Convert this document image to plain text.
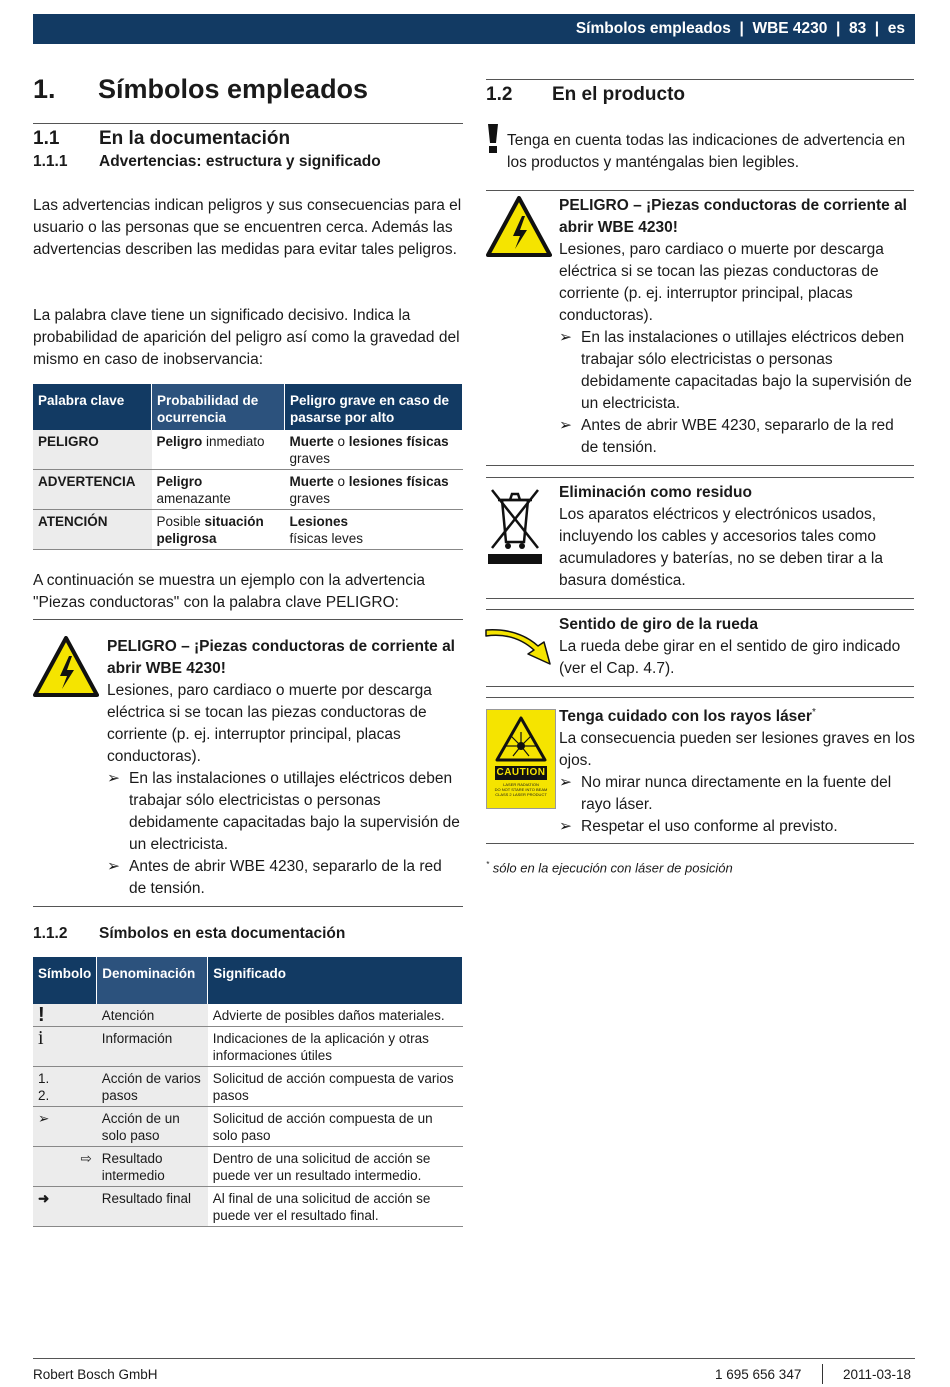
Símbolos empleados  |  WBE 4230  |  83  |  es
1. Símbolos empleados
1.1 En la documentación
1.1.1 Advertencias: estructura y significado
Las advertencias indican peligros y sus consecuencias para el usuario o las personas que se encuentren cerca. Además las advertencias describen las medidas para evitar tales peligros.
La palabra clave tiene un significado decisivo. Indica la probabilidad de aparición del peligro así como la gravedad del mismo en caso de inobservancia:
Palabra clave	Probabilidad de ocurrencia	Peligro grave en caso de pasarse por alto
PELIGRO	Peligro inmediato	Muerte o lesiones físicas
graves
ADVERTENCIA	Peligro
amenazante	Muerte o lesiones físicas
graves
ATENCIÓN	Posible situación peligrosa	Lesiones
físicas leves
A continuación se muestra un ejemplo con la advertencia "Piezas conductoras" con la palabra clave PELIGRO:
PELIGRO – ¡Piezas conductoras de corriente al abrir WBE 4230!
Lesiones, paro cardiaco o muerte por descarga eléctrica si se tocan las piezas conductoras de corriente (p. ej. interruptor principal, placas conductoras).
➢ En las instalaciones o utillajes eléctricos deben trabajar sólo electricistas o personas debidamente capacitadas bajo la supervisión de un electricista.
➢ Antes de abrir WBE 4230, separarlo de la red de tensión.
1.1.2 Símbolos en esta documentación
Símbolo	Denominación	Significado
!	Atención	Advierte de posibles daños materiales.
i	Información	Indicaciones de la aplicación y otras informaciones útiles
1.
2.	Acción de varios pasos	Solicitud de acción compuesta de varios pasos
➢	Acción de un solo paso	Solicitud de acción compuesta de un solo paso
⇨	Resultado intermedio	Dentro de una solicitud de acción se puede ver un resultado intermedio.
➜	Resultado final	Al final de una solicitud de acción se puede ver el resultado final.
1.2 En el producto
Tenga en cuenta todas las indicaciones de advertencia en los productos y manténgalas bien legibles.
PELIGRO – ¡Piezas conductoras de corriente al abrir WBE 4230!
Lesiones, paro cardiaco o muerte por descarga eléctrica si se tocan las piezas conductoras de corriente (p. ej. interruptor principal, placas conductoras).
➢ En las instalaciones o utillajes eléctricos deben trabajar sólo electricistas o personas debidamente capacitadas bajo la supervisión de un electricista.
➢ Antes de abrir WBE 4230, separarlo de la red de tensión.
Eliminación como residuo
Los aparatos eléctricos y electrónicos usados, incluyendo los cables y accesorios tales como acumuladores y baterías, no se deben tirar a la basura doméstica.
Sentido de giro de la rueda
La rueda debe girar en el sentido de giro indicado (ver el Cap. 4.7).
CAUTION
LASER RADIATION
DO NOT STARE INTO BEAM
CLASS 2 LASER PRODUCT
Tenga cuidado con los rayos láser*
La consecuencia pueden ser lesiones graves en los ojos.
➢ No mirar nunca directamente en la fuente del rayo láser.
➢ Respetar el uso conforme al previsto.
* sólo en la ejecución con láser de posición
Robert Bosch GmbH	1 695 656 347	2011-03-18
